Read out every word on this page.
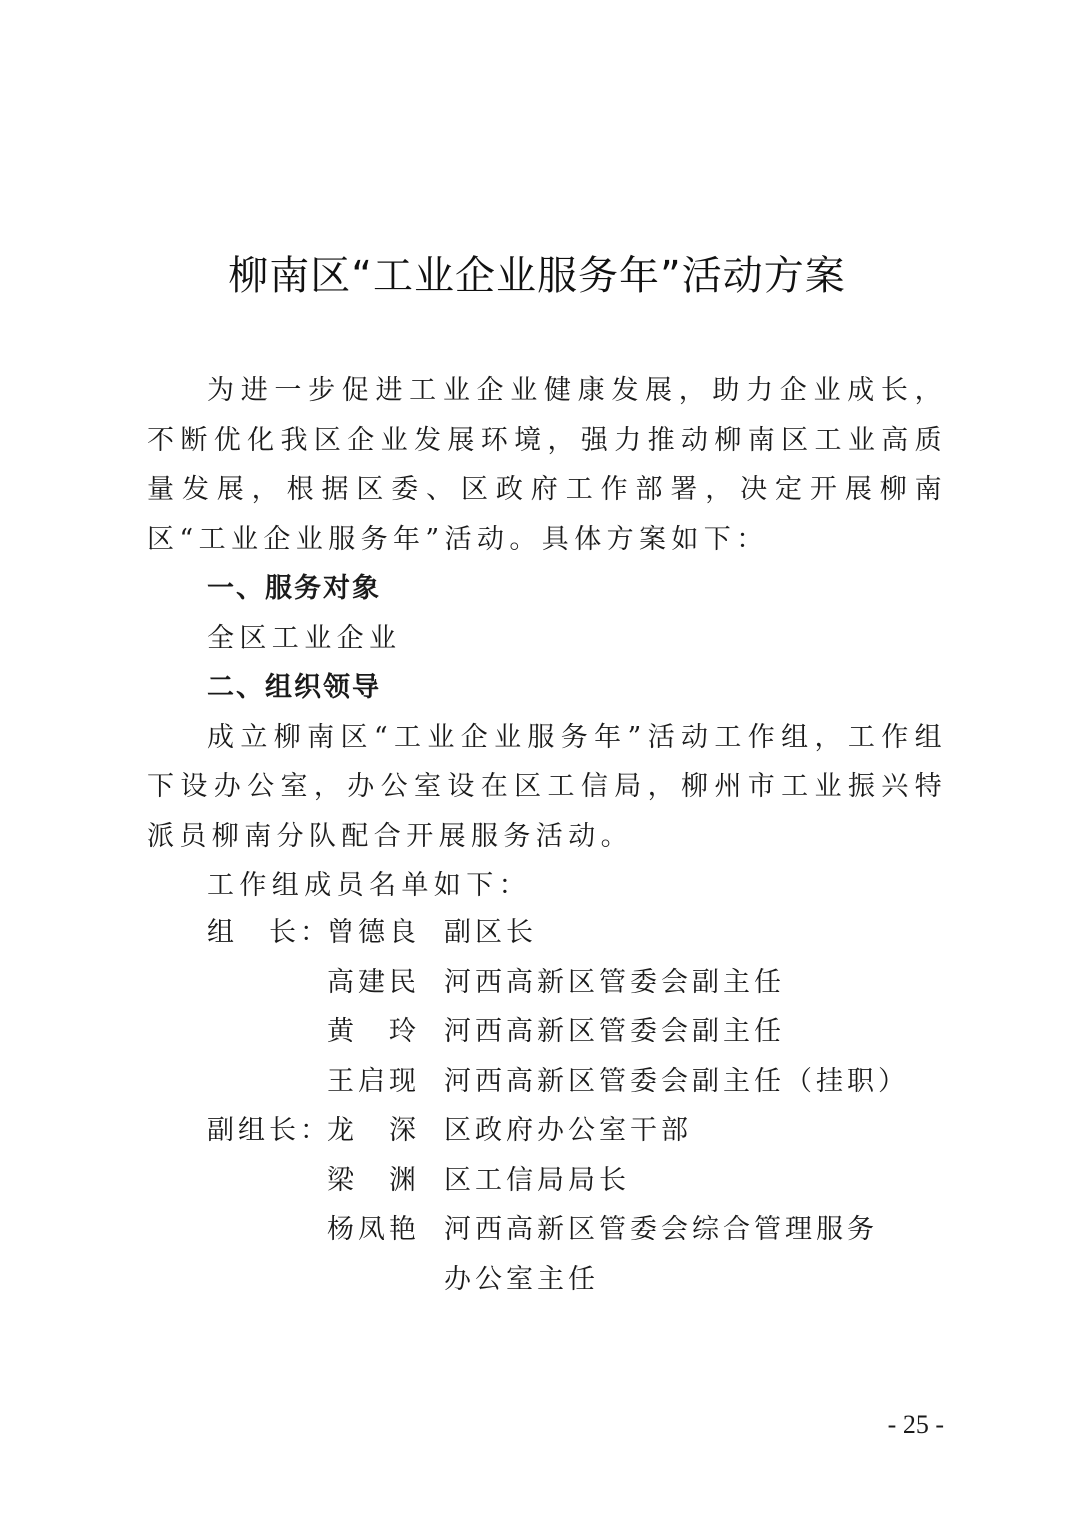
柳南区“工业企业服务年”活动方案

为进一步促进工业企业健康发展，助力企业成长，不断优化我区企业发展环境，强力推动柳南区工业高质量发展，根据区委、区政府工作部署，决定开展柳南区“工业企业服务年”活动。具体方案如下：

一、服务对象

全区工业企业

二、组织领导

成立柳南区“工业企业服务年”活动工作组，工作组下设办公室，办公室设在区工信局，柳州市工业振兴特派员柳南分队配合开展服务活动。

工作组成员名单如下：

组　长：
曾德良 副区长
高建民 河西高新区管委会副主任
黄　玲 河西高新区管委会副主任
王启现 河西高新区管委会副主任（挂职）
副组长：
龙　深 区政府办公室干部
梁　渊 区工信局局长
杨凤艳 河西高新区管委会综合管理服务
办公室主任
- 25 -
